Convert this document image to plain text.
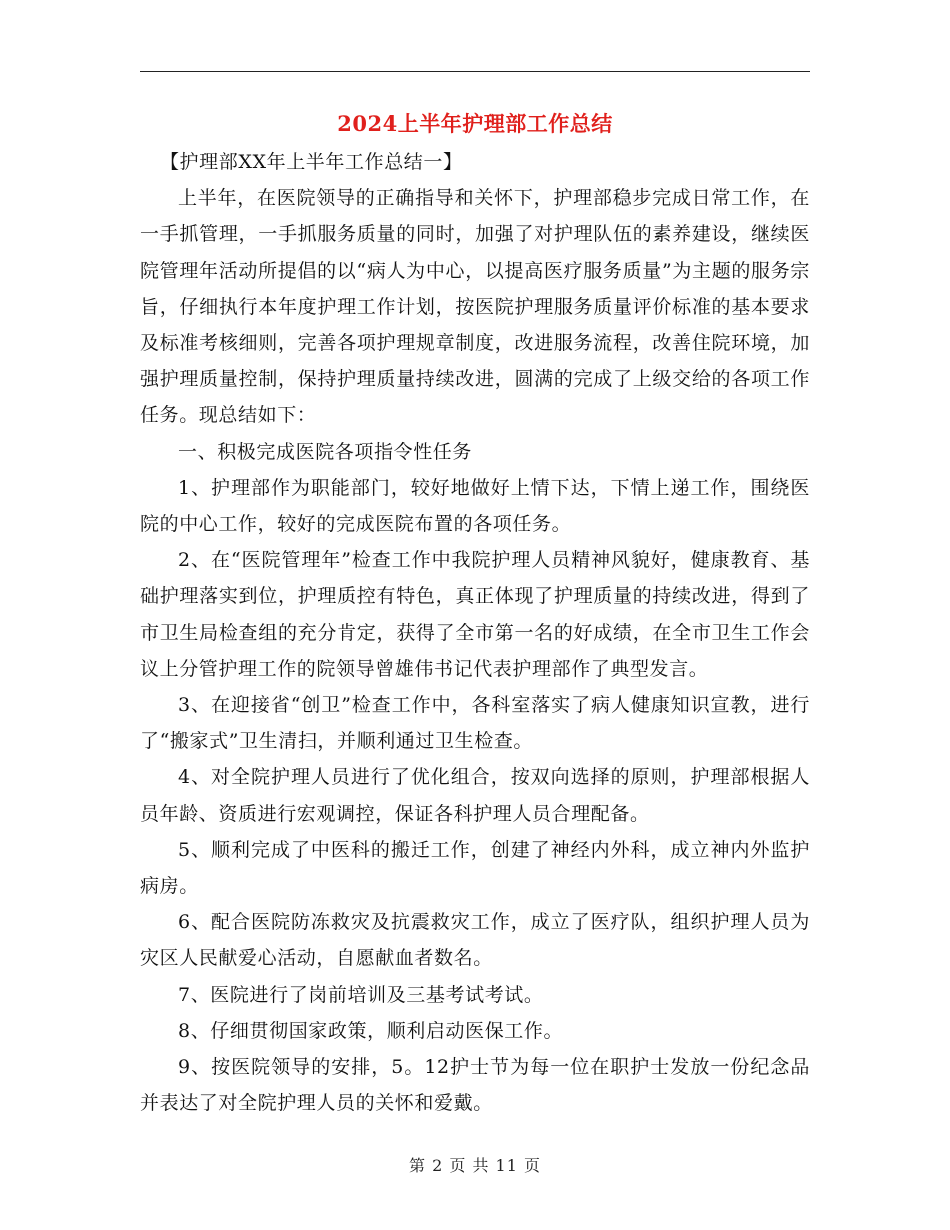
2024上半年护理部工作总结

【护理部XX年上半年工作总结一】

上半年，在医院领导的正确指导和关怀下，护理部稳步完成日常工作，在一手抓管理，一手抓服务质量的同时，加强了对护理队伍的素养建设，继续医院管理年活动所提倡的以“病人为中心，以提高医疗服务质量”为主题的服务宗旨，仔细执行本年度护理工作计划，按医院护理服务质量评价标准的基本要求及标准考核细则，完善各项护理规章制度，改进服务流程，改善住院环境，加强护理质量控制，保持护理质量持续改进，圆满的完成了上级交给的各项工作任务。现总结如下：

一、积极完成医院各项指令性任务

1、护理部作为职能部门，较好地做好上情下达，下情上递工作，围绕医院的中心工作，较好的完成医院布置的各项任务。

2、在“医院管理年”检查工作中我院护理人员精神风貌好，健康教育、基础护理落实到位，护理质控有特色，真正体现了护理质量的持续改进，得到了市卫生局检查组的充分肯定，获得了全市第一名的好成绩，在全市卫生工作会议上分管护理工作的院领导曾雄伟书记代表护理部作了典型发言。

3、在迎接省“创卫”检查工作中，各科室落实了病人健康知识宣教，进行了“搬家式”卫生清扫，并顺利通过卫生检查。

4、对全院护理人员进行了优化组合，按双向选择的原则，护理部根据人员年龄、资质进行宏观调控，保证各科护理人员合理配备。

5、顺利完成了中医科的搬迁工作，创建了神经内外科，成立神内外监护病房。

6、配合医院防冻救灾及抗震救灾工作，成立了医疗队，组织护理人员为灾区人民献爱心活动，自愿献血者数名。

7、医院进行了岗前培训及三基考试考试。

8、仔细贯彻国家政策，顺利启动医保工作。

9、按医院领导的安排，5。12护士节为每一位在职护士发放一份纪念品并表达了对全院护理人员的关怀和爱戴。

第 2 页 共 11 页
